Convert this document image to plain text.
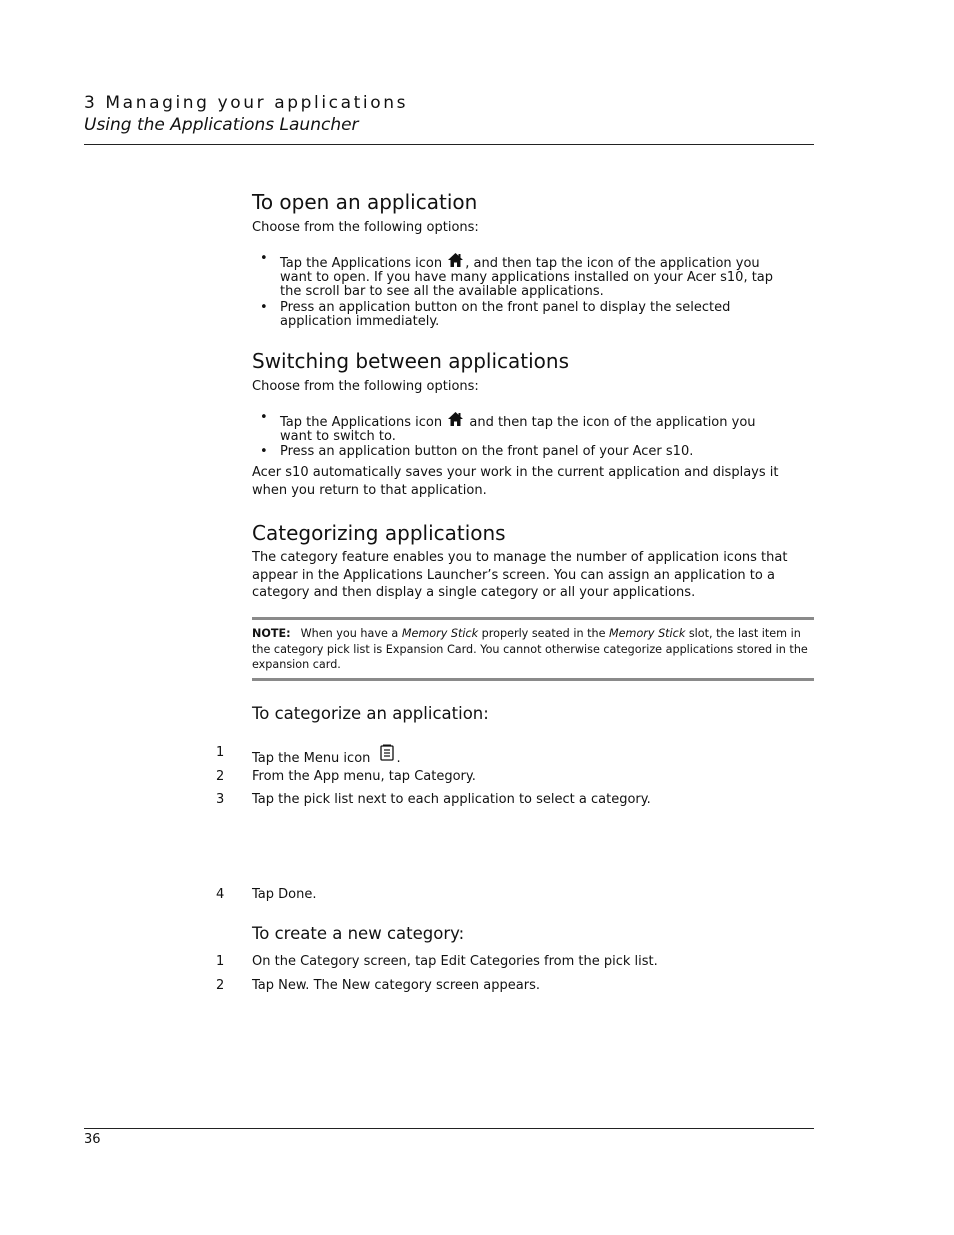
3 Managing your applications
Using the Applications Launcher
To open an application
Choose from the following options:
• Tap the Applications icon , and then tap the icon of the application you want to open. If you have many applications installed on your Acer s10, tap the scroll bar to see all the available applications.
• Press an application button on the front panel to display the selected application immediately.
Switching between applications
Choose from the following options:
• Tap the Applications icon  and then tap the icon of the application you want to switch to.
• Press an application button on the front panel of your Acer s10.
Acer s10 automatically saves your work in the current application and displays it when you return to that application.
Categorizing applications
The category feature enables you to manage the number of application icons that appear in the Applications Launcher’s screen. You can assign an application to a category and then display a single category or all your applications.
NOTE: When you have a Memory Stick properly seated in the Memory Stick slot, the last item in the category pick list is Expansion Card. You cannot otherwise categorize applications stored in the expansion card.
To categorize an application:
1 Tap the Menu icon .
2 From the App menu, tap Category.
3 Tap the pick list next to each application to select a category.
4 Tap Done.
To create a new category:
1 On the Category screen, tap Edit Categories from the pick list.
2 Tap New. The New category screen appears.
36
